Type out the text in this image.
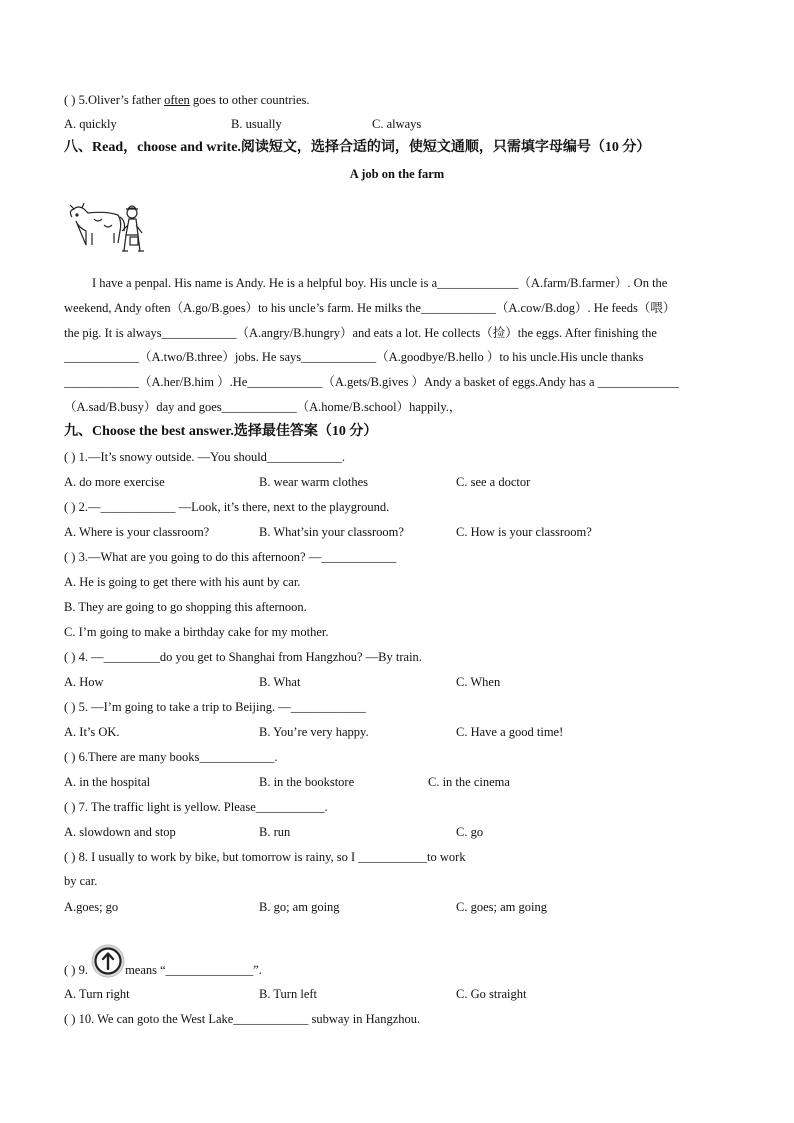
( ) 5.Oliver’s father often goes to other countries.
A. quickly	B. usually	C. always
八、Read，choose and write.阅读短文，选择合适的词，使短文通顺，只需填字母编号（10 分）
A job on the farm
I have a penpal. His name is Andy. He is a helpful boy. His uncle is a_____________（A.farm/B.farmer）. On the
weekend, Andy often（A.go/B.goes）to his uncle’s farm. He milks the____________（A.cow/B.dog）. He feeds（喂）
the pig. It is always____________（A.angry/B.hungry）and eats a lot. He collects（捡）the eggs. After finishing the
____________（A.two/B.three）jobs. He says____________（A.goodbye/B.hello ）to his uncle.His uncle thanks
____________（A.her/B.him ）.He____________（A.gets/B.gives ）Andy a basket of eggs.Andy has a _____________
（A.sad/B.busy）day and goes____________（A.home/B.school）happily.，
九、Choose the best answer.选择最佳答案（10 分）
( ) 1.—It’s snowy outside. —You should____________.
A. do more exercise	B. wear warm clothes	C. see a doctor
( ) 2.—____________ —Look, it’s there, next to the playground.
A. Where is your classroom?	B. What’sin your classroom?	C. How is your classroom?
( ) 3.—What are you going to do this afternoon? —____________
A. He is going to get there with his aunt by car.
B. They are going to go shopping this afternoon.
C. I’m going to make a birthday cake for my mother.
( ) 4. —_________do you get to Shanghai from Hangzhou? —By train.
A. How	B. What	C. When
( ) 5. —I’m going to take a trip to Beijing. —____________
A. It’s OK.	B. You’re very happy.	C. Have a good time!
( ) 6.There are many books____________.
A. in the hospital	B. in the bookstore	C. in the cinema
( ) 7. The traffic light is yellow. Please___________.
A. slowdown and stop	B. run	C. go
( ) 8. I usually to work by bike, but tomorrow is rainy, so I ___________to work
by car.
A.goes; go	B. go; am going	C. goes; am going
( ) 9.	means “______________”.
A. Turn right	B. Turn left	C. Go straight
( ) 10. We can goto the West Lake____________ subway in Hangzhou.
